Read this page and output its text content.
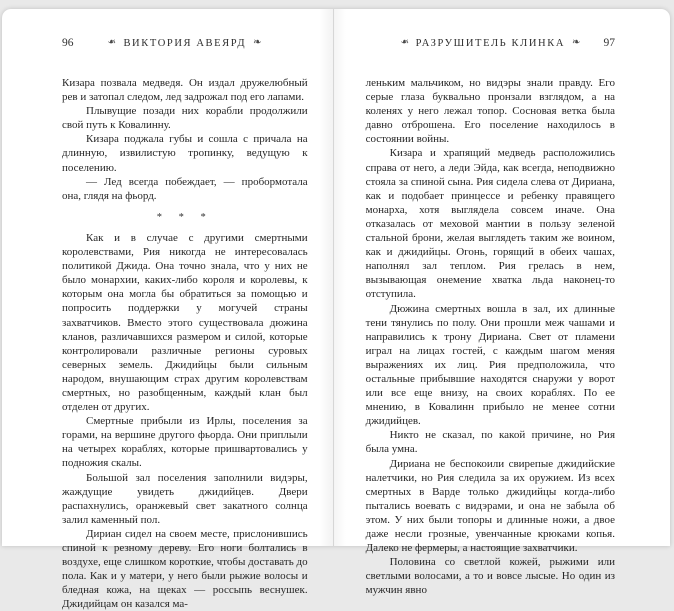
96	❧ ВИКТОРИЯ АВЕЯРД ❧

Кизара позвала медведя. Он издал дружелюбный рев и затопал следом, лед задрожал под его лапами.

Плывущие позади них корабли продолжили свой путь к Ковалинну.

Кизара поджала губы и сошла с причала на длинную, извилистую тропинку, ведущую к поселению.

— Лед всегда побеждает, — пробормотала она, глядя на фьорд.

* * *

Как и в случае с другими смертными королевствами, Рия никогда не интересовалась политикой Джида. Она точно знала, что у них не было монархии, каких-либо короля и королевы, к которым она могла бы обратиться за помощью и попросить поддержки у могучей страны захватчиков. Вместо этого существовала дюжина кланов, различавшихся размером и силой, которые контролировали различные регионы суровых северных земель. Джидийцы были сильным народом, внушающим страх другим королевствам смертных, но разобщенным, каждый клан был отделен от других.

Смертные прибыли из Ирлы, поселения за горами, на вершине другого фьорда. Они приплыли на четырех кораблях, которые пришвартовались у подножия скалы.

Большой зал поселения заполнили видэры, жаждущие увидеть джидийцев. Двери распахнулись, оранжевый свет закатного солнца залил каменный пол.

Дириан сидел на своем месте, прислонившись спиной к резному дереву. Его ноги болтались в воздухе, еще слишком короткие, чтобы доставать до пола. Как и у матери, у него были рыжие волосы и бледная кожа, на щеках — россыпь веснушек. Джидийцам он казался ма-

❧ РАЗРУШИТЕЛЬ КЛИНКА ❧	97

леньким мальчиком, но видэры знали правду. Его серые глаза буквально пронзали взглядом, а на коленях у него лежал топор. Сосновая ветка была давно отброшена. Его поселение находилось в состоянии войны.

Кизара и храпящий медведь расположились справа от него, а леди Эйда, как всегда, неподвижно стояла за спиной сына. Рия сидела слева от Дириана, как и подобает принцессе и ребенку правящего монарха, хотя выглядела совсем иначе. Она отказалась от меховой мантии в пользу зеленой стальной брони, желая выглядеть таким же воином, как и джидийцы. Огонь, горящий в обеих чашах, наполнял зал теплом. Рия грелась в нем, вызывающая онемение хватка льда наконец-то отступила.

Дюжина смертных вошла в зал, их длинные тени тянулись по полу. Они прошли меж чашами и направились к трону Дириана. Свет от пламени играл на лицах гостей, с каждым шагом меняя выражениях их лиц. Рия предположила, что остальные прибывшие находятся снаружи у ворот или все еще внизу, на своих кораблях. По ее мнению, в Ковалинн прибыло не менее сотни джидийцев.

Никто не сказал, по какой причине, но Рия была умна.

Дириана не беспокоили свирепые джидийские налетчики, но Рия следила за их оружием. Из всех смертных в Варде только джидийцы когда-либо пытались воевать с видэрами, и она не забыла об этом. У них были топоры и длинные ножи, а двое даже несли грозные, увенчанные крюками копья. Далеко не фермеры, а настоящие захватчики.

Половина со светлой кожей, рыжими или светлыми волосами, а то и вовсе лысые. Но один из мужчин явно
